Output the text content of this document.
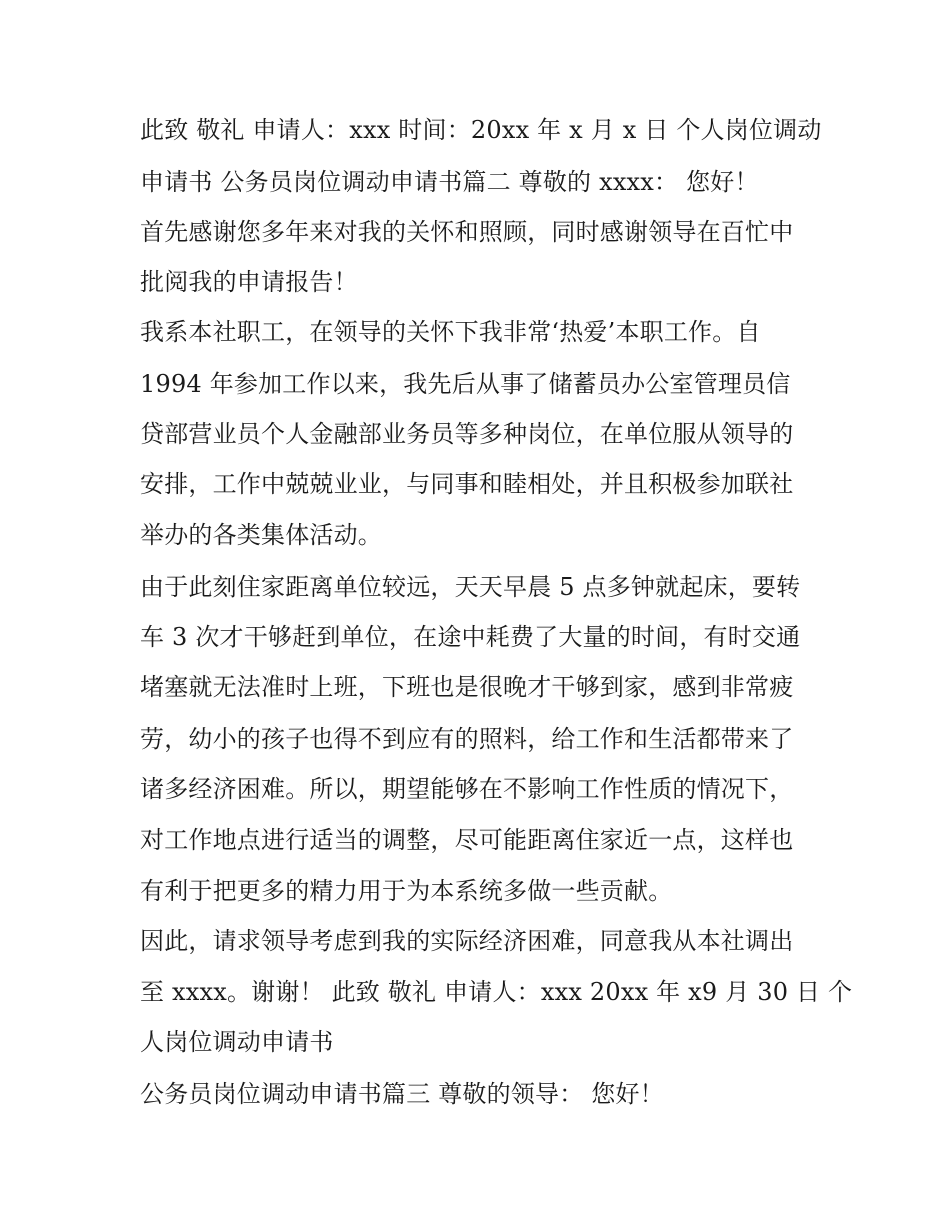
此致 敬礼 申请人：xxx 时间：20xx 年 x 月 x 日 个人岗位调动
申请书 公务员岗位调动申请书篇二 尊敬的 xxxx： 您好！
首先感谢您多年来对我的关怀和照顾，同时感谢领导在百忙中
批阅我的申请报告！
我系本社职工，在领导的关怀下我非常‘热爱’本职工作。自
1994 年参加工作以来，我先后从事了储蓄员办公室管理员信
贷部营业员个人金融部业务员等多种岗位，在单位服从领导的
安排，工作中兢兢业业，与同事和睦相处，并且积极参加联社
举办的各类集体活动。
由于此刻住家距离单位较远，天天早晨 5 点多钟就起床，要转
车 3 次才干够赶到单位，在途中耗费了大量的时间，有时交通
堵塞就无法准时上班，下班也是很晚才干够到家，感到非常疲
劳，幼小的孩子也得不到应有的照料，给工作和生活都带来了
诸多经济困难。所以，期望能够在不影响工作性质的情况下，
对工作地点进行适当的调整，尽可能距离住家近一点，这样也
有利于把更多的精力用于为本系统多做一些贡献。
因此，请求领导考虑到我的实际经济困难，同意我从本社调出
至 xxxx。谢谢！ 此致 敬礼 申请人：xxx 20xx 年 x9 月 30 日 个
人岗位调动申请书
公务员岗位调动申请书篇三 尊敬的领导： 您好！
